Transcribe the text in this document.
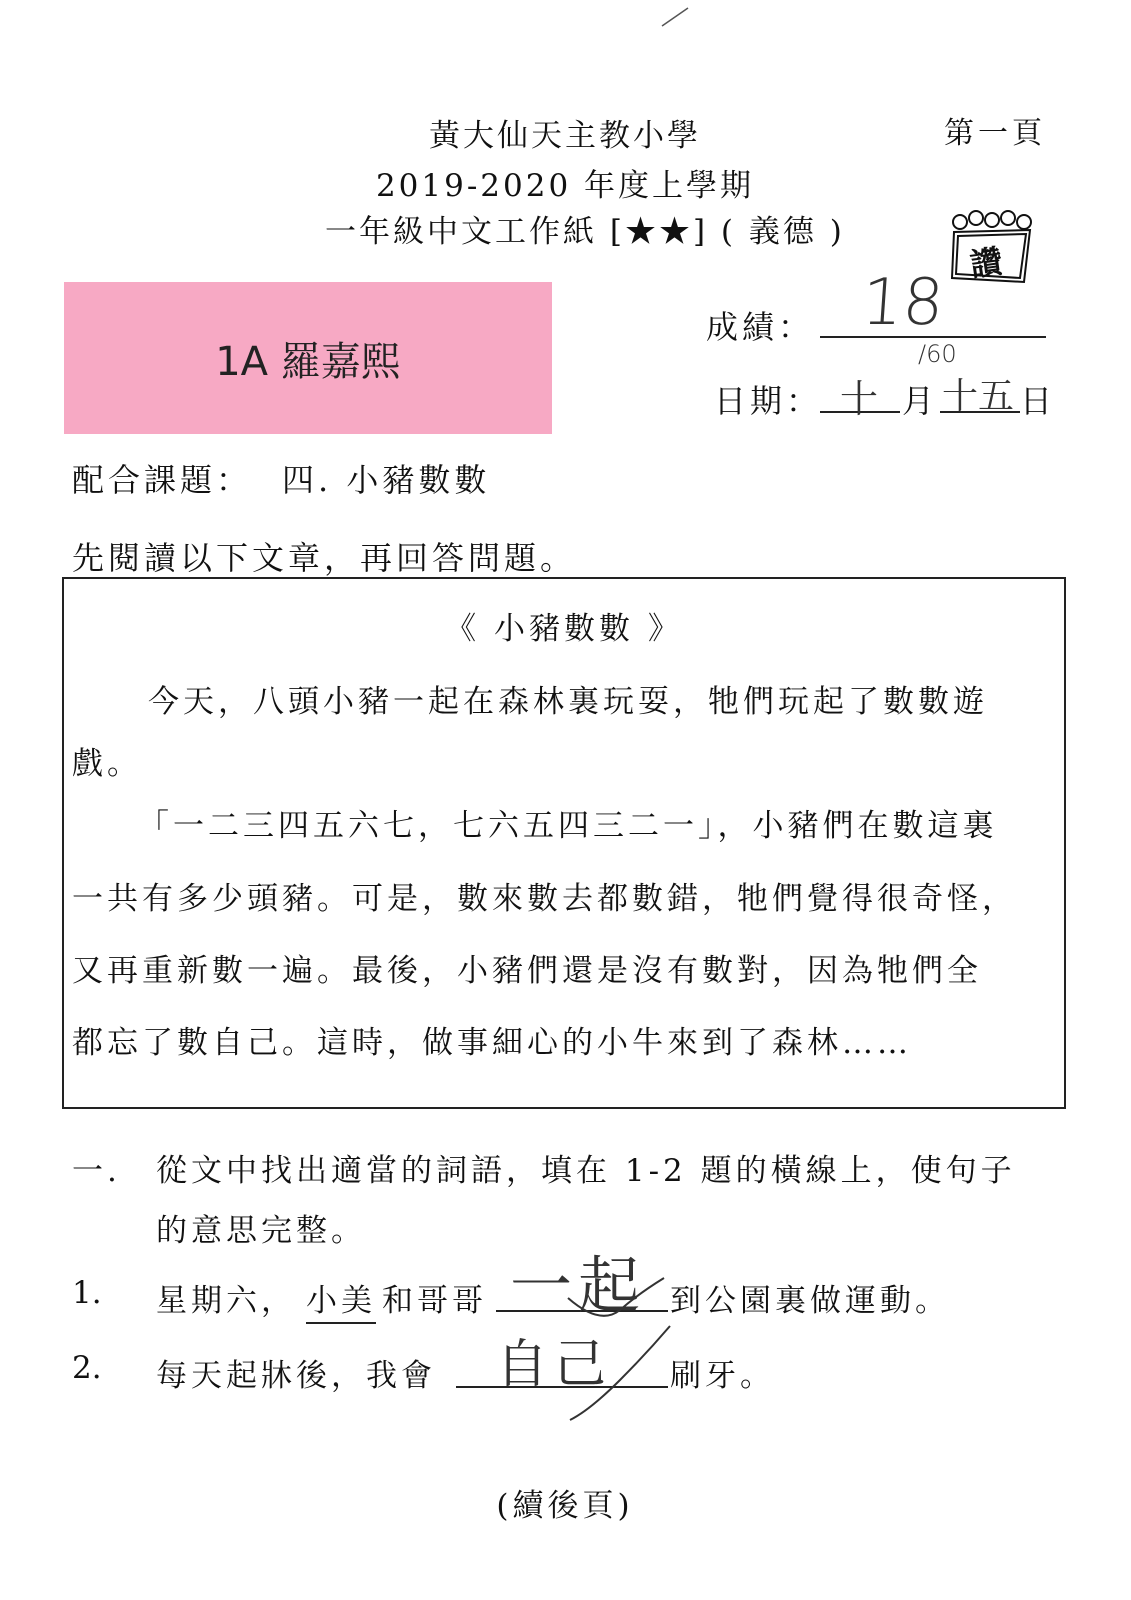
黃大仙天主教小學	第一頁
2019-2020 年度上學期
一年級中文工作紙 [★★] ( 義德 )
讚
1A 羅嘉熙
成績： 18
/60
日期： 十 月 十五 日
配合課題： 四. 小豬數數
先閱讀以下文章，再回答問題。
《 小豬數數 》
今天，八頭小豬一起在森林裏玩耍，牠們玩起了數數遊
戲。
「一二三四五六七，七六五四三二一」，小豬們在數這裏
一共有多少頭豬。可是，數來數去都數錯，牠們覺得很奇怪，
又再重新數一遍。最後，小豬們還是沒有數對，因為牠們全
都忘了數自己。這時，做事細心的小牛來到了森林……
一. 從文中找出適當的詞語，填在 1-2 題的橫線上，使句子
的意思完整。
1. 星期六， 小美 和哥哥 一起 到公園裏做運動。
2. 每天起牀後，我會 自己 刷牙。
(續後頁)
